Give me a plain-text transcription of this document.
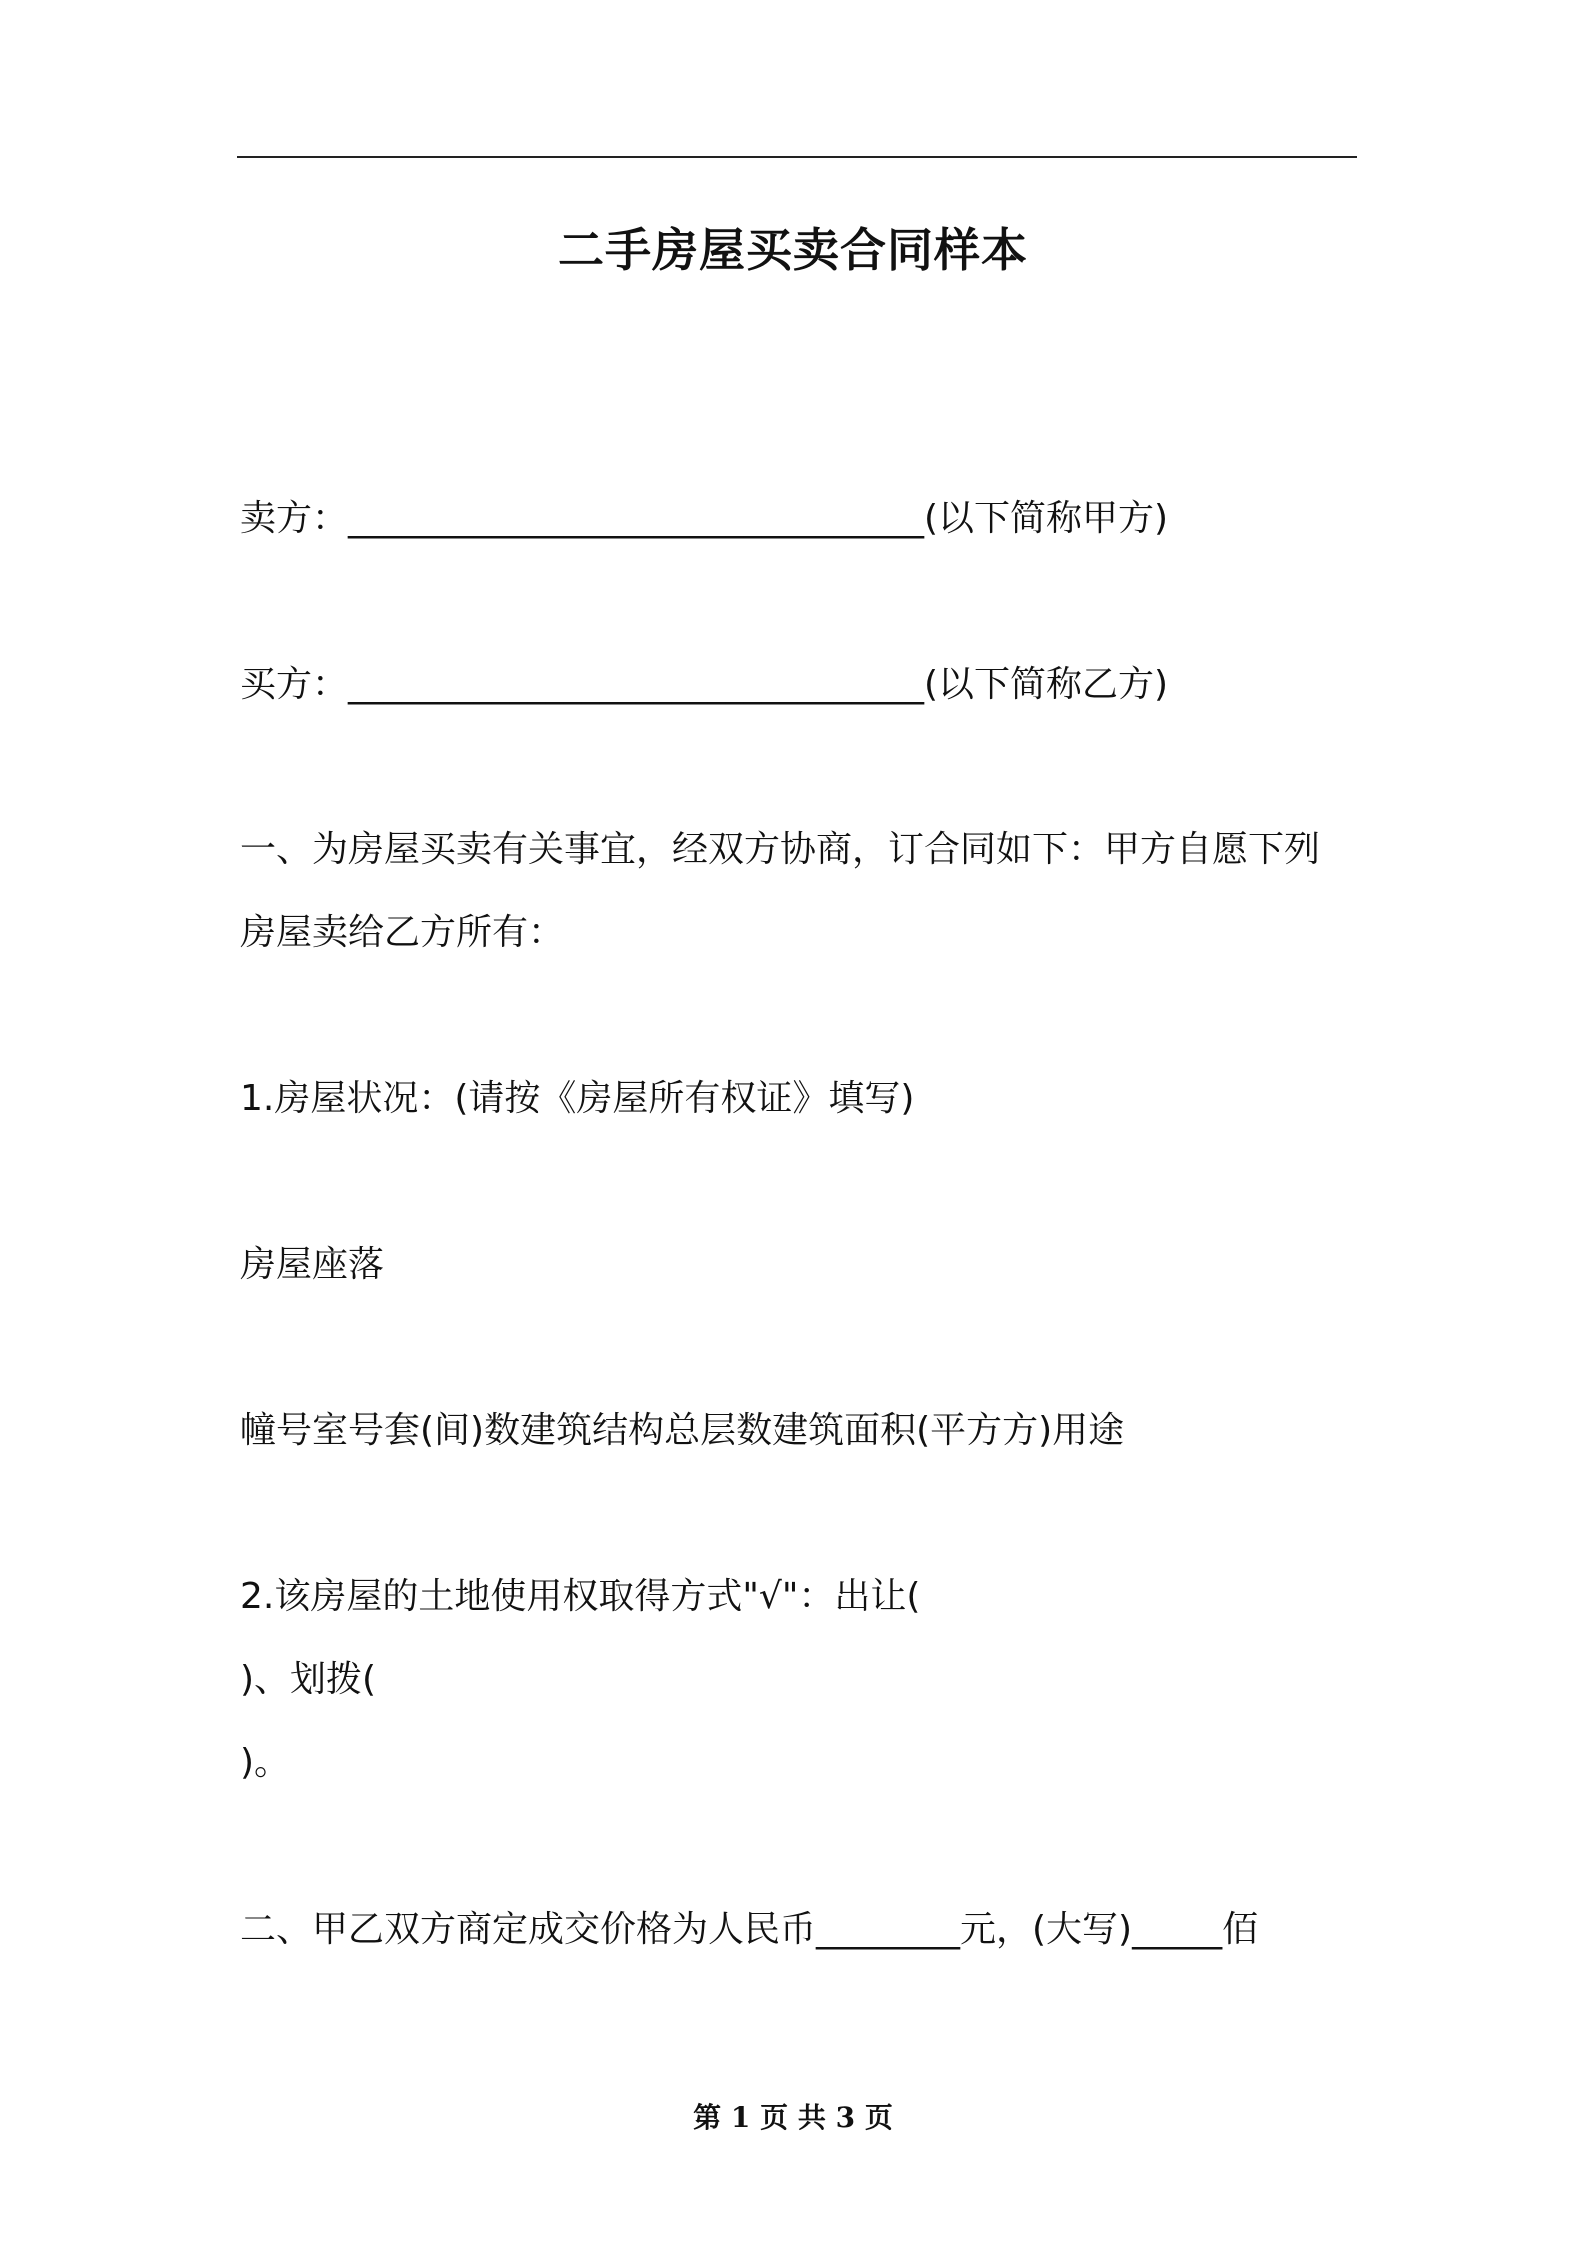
二手房屋买卖合同样本
卖方：________________________________(以下简称甲方)
买方：________________________________(以下简称乙方)
一、为房屋买卖有关事宜，经双方协商，订合同如下：甲方自愿下列
房屋卖给乙方所有：
1.房屋状况：(请按《房屋所有权证》填写)
房屋座落
幢号室号套(间)数建筑结构总层数建筑面积(平方方)用途
2.该房屋的土地使用权取得方式"√"：出让(
)、划拨(
)。
二、甲乙双方商定成交价格为人民币________元，(大写)_____佰
第 1 页 共 3 页
